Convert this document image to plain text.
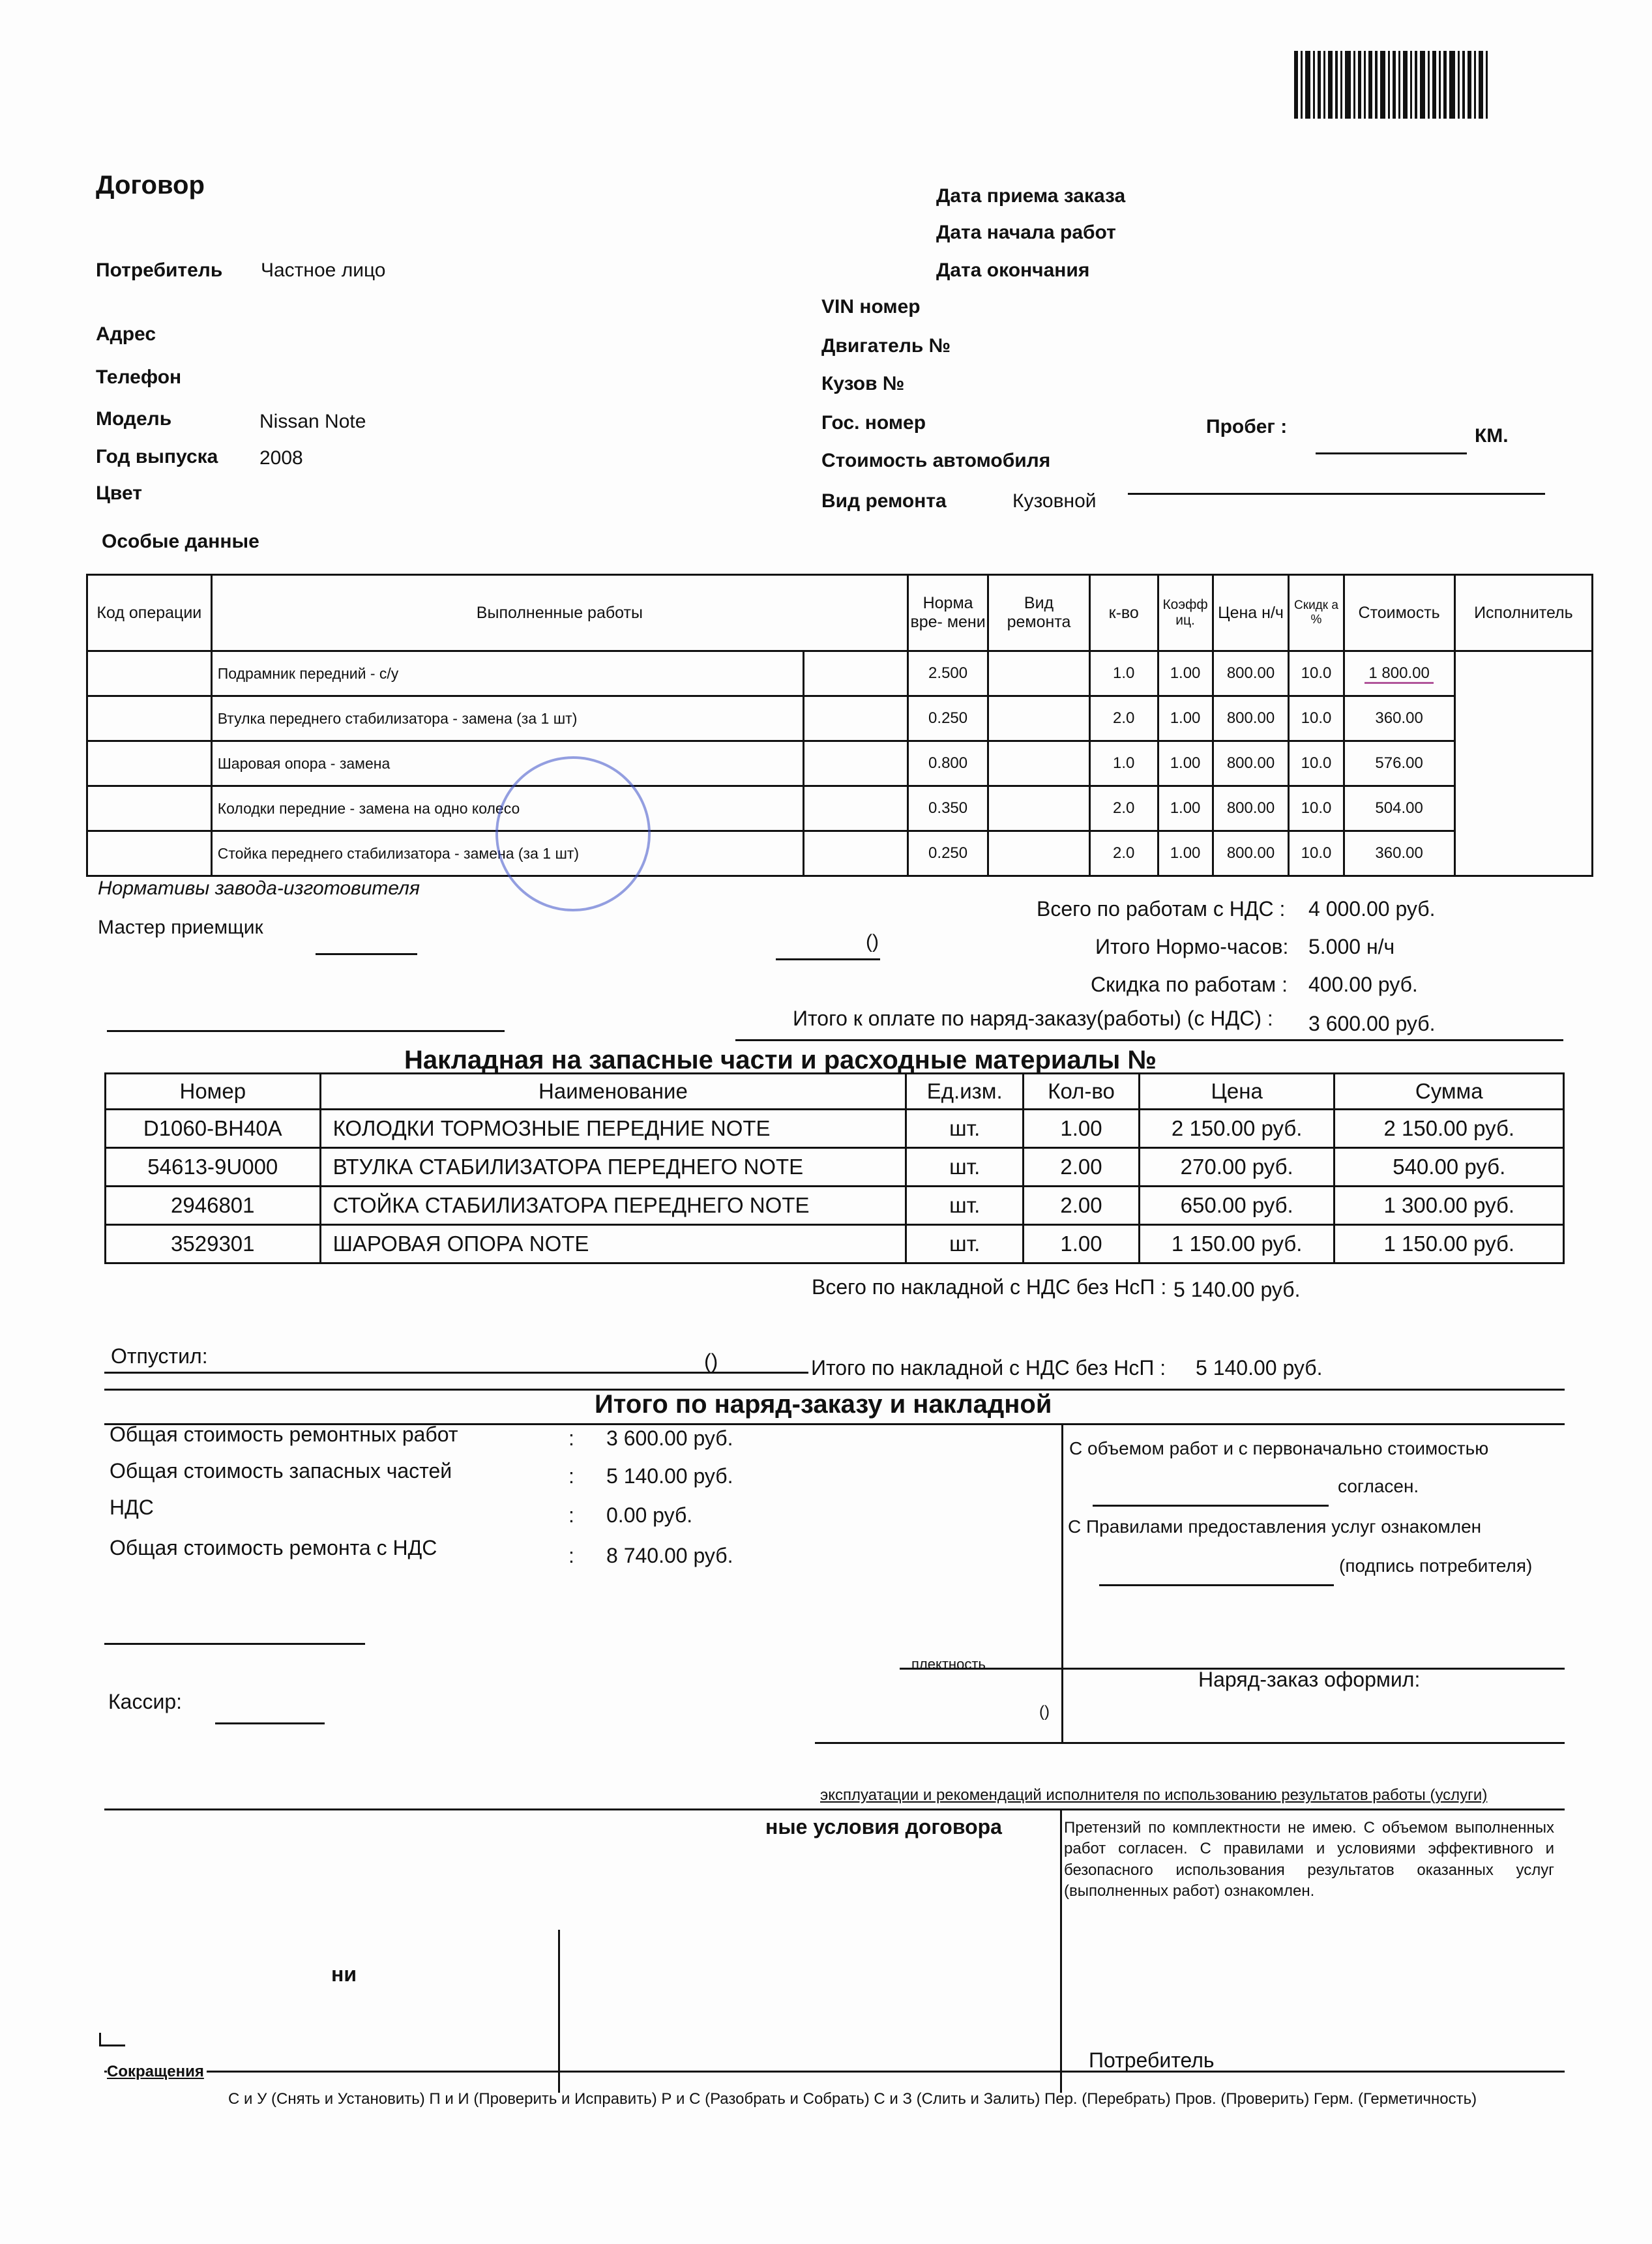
Договор
Потребитель Частное лицо
Адрес
Телефон
Модель	Nissan Note
Год выпуска 2008
Цвет
Особые данные
Дата приема заказа
Дата начала работ
Дата окончания
VIN номер
Двигатель №
Кузов №
Гос. номер	Пробег :	КМ.
Стоимость автомобиля
Вид ремонта	Кузовной
Код операции	Выполненные работы		Норма вре- мени	Вид ремонта	к-во	Коэфф иц.	Цена н/ч	Скидк а %	Стоимость	Исполнитель
	Подрамник передний - с/у		2.500		1.0	1.00	800.00	10.0	1 800.00	
	Втулка переднего стабилизатора - замена (за 1 шт)		0.250		2.0	1.00	800.00	10.0	360.00	
	Шаровая опора - замена		0.800		1.0	1.00	800.00	10.0	576.00	
	Колодки передние - замена на одно колесо		0.350		2.0	1.00	800.00	10.0	504.00	
	Стойка переднего стабилизатора - замена (за 1 шт)		0.250		2.0	1.00	800.00	10.0	360.00	
Нормативы завода-изготовителя
Мастер приемщик
()
Всего по работам с НДС : 4 000.00 руб.
Итого Нормо-часов: 5.000 н/ч
Скидка по работам : 400.00 руб.
Итого к оплате по наряд-заказу(работы) (с НДС) : 3 600.00 руб.
Накладная на запасные части и расходные материалы №
Номер	Наименование	Ед.изм.	Кол-во	Цена	Сумма
D1060-BH40A	КОЛОДКИ ТОРМОЗНЫЕ ПЕРЕДНИЕ NOTE	шт.	1.00	2 150.00 руб.	2 150.00 руб.
54613-9U000	ВТУЛКА СТАБИЛИЗАТОРА ПЕРЕДНЕГО NOTE	шт.	2.00	270.00 руб.	540.00 руб.
2946801	СТОЙКА СТАБИЛИЗАТОРА ПЕРЕДНЕГО NOTE	шт.	2.00	650.00 руб.	1 300.00 руб.
3529301	ШАРОВАЯ ОПОРА NOTE	шт.	1.00	1 150.00 руб.	1 150.00 руб.
Всего по накладной с НДС без НсП : 5 140.00 руб.
Отпустил:	()	Итого по накладной с НДС без НсП : 5 140.00 руб.
Итого по наряд-заказу и накладной
Общая стоимость ремонтных работ	: 3 600.00 руб.
Общая стоимость запасных частей	: 5 140.00 руб.
НДС	: 0.00 руб.
Общая стоимость ремонта с НДС	: 8 740.00 руб.
С объемом работ и с первоначально стоимостью
согласен.
С Правилами предоставления услуг ознакомлен
(подпись потребителя)
плектность
Наряд-заказ оформил:
Кассир:	()
эксплуатации и рекомендаций исполнителя по использованию результатов работы (услуги)
ные условия договора	Претензий по комплектности не имею. С объемом выполненных работ согласен. С правилами и условиями эффективного и безопасного использования результатов оказанных услуг (выполненных работ) ознакомлен.
ни
Потребитель
Сокращения
С и У (Снять и Установить) П и И (Проверить и Исправить) Р и С (Разобрать и Собрать) С и З (Слить и Залить) Пер. (Перебрать) Пров. (Проверить) Герм. (Герметичность)
